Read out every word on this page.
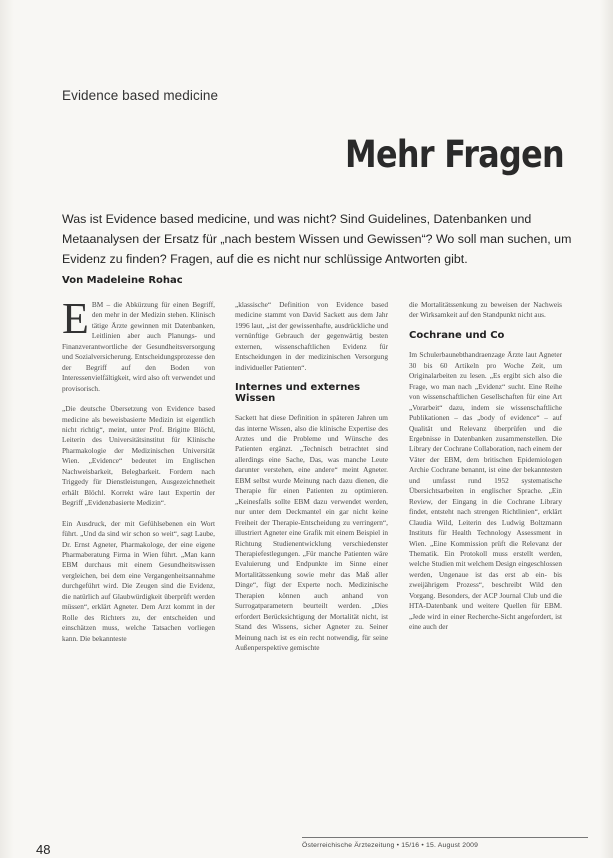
Evidence based medicine
Mehr Fragen
Was ist Evidence based medicine, und was nicht? Sind Guidelines, Datenbanken und
Metaanalysen der Ersatz für „nach bestem Wissen und Gewissen“? Wo soll man suchen, um
Evidenz zu finden? Fragen, auf die es nicht nur schlüssige Antworten gibt.
Von Madeleine Rohac

EBM – die Abkürzung für einen Begriff, den mehr in der Medizin stehen. Klinisch tätige Ärzte gewinnen mit Datenbanken, Leitlinien aber auch Planungs- und Finanzverantwortliche der Gesundheitsversorgung und Sozialversicherung. Entscheidungsprozesse den der Begriff auf den Boden von Interessenvielfältigkeit, wird also oft verwendet und provisorisch.

„Die deutsche Übersetzung von Evidence based medicine als beweisbasierte Medizin ist eigentlich nicht richtig“, meint, unter Prof. Brigitte Blöchl, Leiterin des Universitätsinstitut für Klinische Pharmakologie der Medizinischen Universität Wien. „Evidence“ bedeutet im Englischen Nachweisbarkeit, Belegbarkeit. Fordern nach Triggedy für Dienstleistungen, Ausgezeichnetheit erhält Blöchl. Korrekt wäre laut Expertin der Begriff „Evidenzbasierte Medizin“.

Ein Ausdruck, der mit Gefühlsebenen ein Wort führt. „Und da sind wir schon so weit“, sagt Laube, Dr. Ernst Agneter, Pharmakologe, der eine eigene Pharmaberatung Firma in Wien führt. „Man kann EBM durchaus mit einem Gesundheitswissen vergleichen, bei dem eine Vergangenheitsannahme durchgeführt wird. Die Zeugen sind die Evidenz, die natürlich auf Glaubwürdigkeit überprüft werden müssen“, erklärt Agneter. Dem Arzt kommt in der Rolle des Richters zu, der entscheiden und einschätzen muss, welche Tatsachen vorliegen kann. Die bekannteste

„klassische“ Definition von Evidence based medicine stammt von David Sackett aus dem Jahr 1996 laut, „ist der gewissenhafte, ausdrückliche und vernünftige Gebrauch der gegenwärtig besten externen, wissenschaftlichen Evidenz für Entscheidungen in der medizinischen Versorgung individueller Patienten“.

Internes und externes Wissen

Sackett hat diese Definition in späteren Jahren um das interne Wissen, also die klinische Expertise des Arztes und die Probleme und Wünsche des Patienten ergänzt. „Technisch betrachtet sind allerdings eine Sache, Das, was manche Leute darunter verstehen, eine andere“ meint Agneter. EBM selbst wurde Meinung nach dazu dienen, die Therapie für einen Patienten zu optimieren. „Keinesfalls sollte EBM dazu verwendet werden, nur unter dem Deckmantel ein gar nicht keine Freiheit der Therapie-Entscheidung zu verringern“, illustriert Agneter eine Grafik mit einem Beispiel in Richtung Studienentwicklung verschiedenster Therapiefestlegungen. „Für manche Patienten wäre Evaluierung und Endpunkte im Sinne einer Mortalitätssenkung sowie mehr das Maß aller Dinge“, fügt der Experte noch. Medizinische Therapien können auch anhand von Surrogatparametern beurteilt werden. „Dies erfordert Berücksichtigung der Mortalität nicht, ist Stand des Wissens, sicher Agneter zu. Seiner Meinung nach ist es ein recht notwendig, für seine Außenperspektive gemischte

die Mortalitätssenkung zu beweisen der Nachweis der Wirksamkeit auf den Standpunkt nicht aus.

Cochrane und Co

Im Schulerbaunebthandraenzage Ärzte laut Agneter 30 bis 60 Artikeln pro Woche Zeit, um Originalarbeiten zu lesen. „Es ergibt sich also die Frage, wo man nach „Evidenz“ sucht. Eine Reihe von wissenschaftlichen Gesellschaften für eine Art „Vorarbeit“ dazu, indem sie wissenschaftliche Publikationen – das „body of evidence“ – auf Qualität und Relevanz überprüfen und die Ergebnisse in Datenbanken zusammenstellen. Die Library der Cochrane Collaboration, nach einem der Väter der EBM, dem britischen Epidemiologen Archie Cochrane benannt, ist eine der bekanntesten und umfasst rund 1952 systematische Übersichtsarbeiten in englischer Sprache. „Ein Review, der Eingang in die Cochrane Library findet, entsteht nach strengen Richtlinien“, erklärt Claudia Wild, Leiterin des Ludwig Boltzmann Instituts für Health Technology Assessment in Wien. „Eine Kommission prüft die Relevanz der Thematik. Ein Protokoll muss erstellt werden, welche Studien mit welchem Design eingeschlossen werden, Ungenaue ist das erst ab ein- bis zweijährigem Prozess“, beschreibt Wild den Vorgang. Besonders, der ACP Journal Club und die HTA-Datenbank und weitere Quellen für EBM. „Jede wird in einer Recherche-Sicht angefordert, ist eine auch der

48	Österreichische Ärztezeitung • 15/16 • 15. August 2009
